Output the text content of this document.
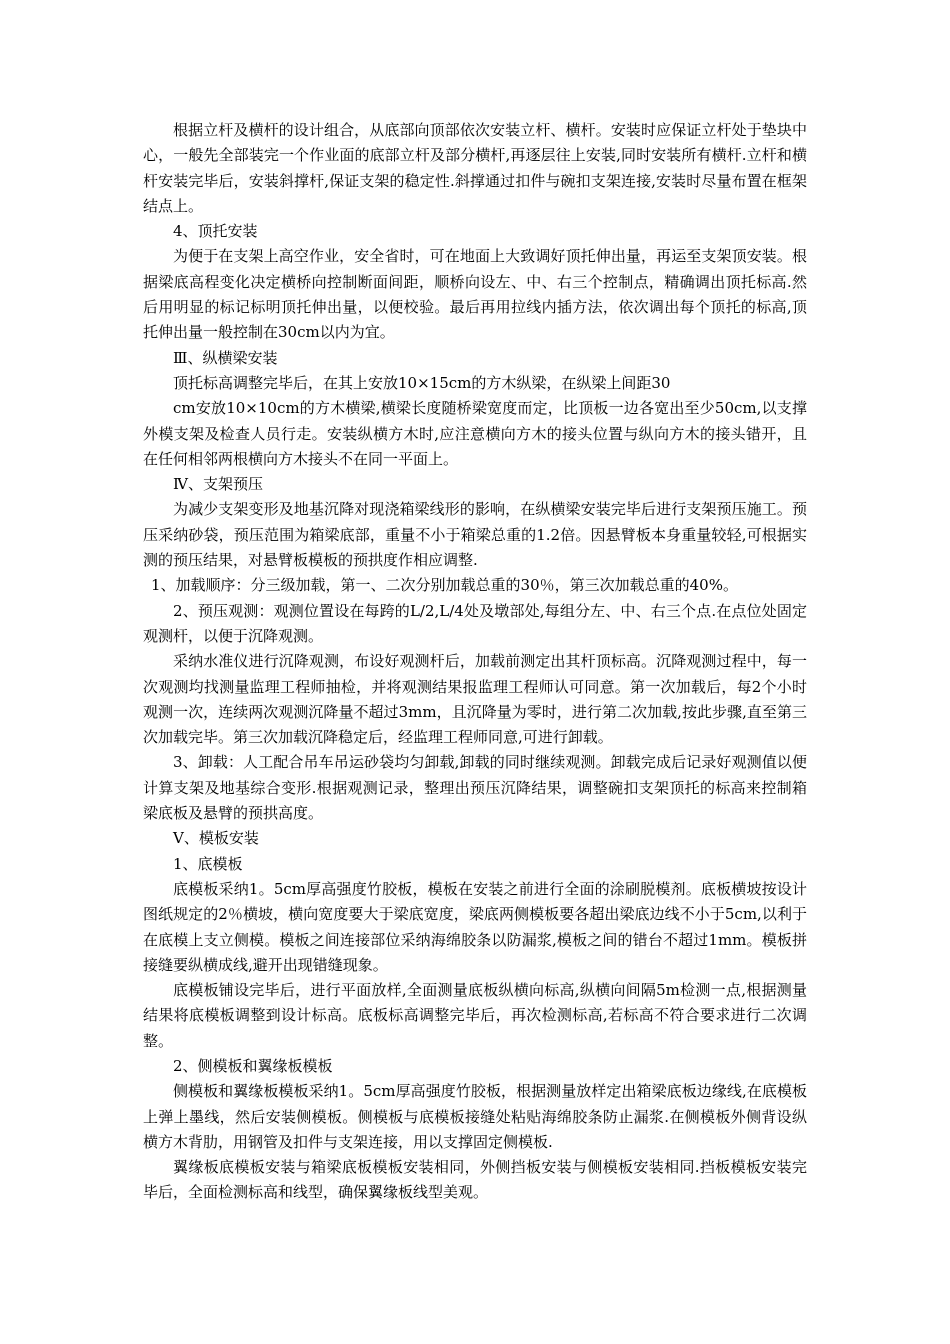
根据立杆及横杆的设计组合，从底部向顶部依次安装立杆、横杆。安装时应保证立杆处于垫块中心，一般先全部装完一个作业面的底部立杆及部分横杆,再逐层往上安装,同时安装所有横杆.立杆和横杆安装完毕后，安装斜撑杆,保证支架的稳定性.斜撑通过扣件与碗扣支架连接,安装时尽量布置在框架结点上。

4、顶托安装

为便于在支架上高空作业，安全省时，可在地面上大致调好顶托伸出量，再运至支架顶安装。根据梁底高程变化决定横桥向控制断面间距，顺桥向设左、中、右三个控制点，精确调出顶托标高.然后用明显的标记标明顶托伸出量，以便校验。最后再用拉线内插方法，依次调出每个顶托的标高,顶托伸出量一般控制在30cm以内为宜。

Ⅲ、纵横梁安装

顶托标高调整完毕后，在其上安放10×15cm的方木纵梁，在纵梁上间距30

cm安放10×10cm的方木横梁,横梁长度随桥梁宽度而定，比顶板一边各宽出至少50cm,以支撑外模支架及检查人员行走。安装纵横方木时,应注意横向方木的接头位置与纵向方木的接头错开，且在任何相邻两根横向方木接头不在同一平面上。

Ⅳ、支架预压

为减少支架变形及地基沉降对现浇箱梁线形的影响，在纵横梁安装完毕后进行支架预压施工。预压采纳砂袋，预压范围为箱梁底部，重量不小于箱梁总重的1.2倍。因悬臂板本身重量较轻,可根据实测的预压结果，对悬臂板模板的预拱度作相应调整.

1、加载顺序：分三级加载，第一、二次分别加载总重的30％，第三次加载总重的40%。

2、预压观测：观测位置设在每跨的L/2,L/4处及墩部处,每组分左、中、右三个点.在点位处固定观测杆，以便于沉降观测。

采纳水准仪进行沉降观测，布设好观测杆后，加载前测定出其杆顶标高。沉降观测过程中，每一次观测均找测量监理工程师抽检，并将观测结果报监理工程师认可同意。第一次加载后，每2个小时观测一次，连续两次观测沉降量不超过3mm，且沉降量为零时，进行第二次加载,按此步骤,直至第三次加载完毕。第三次加载沉降稳定后，经监理工程师同意,可进行卸载。

3、卸载：人工配合吊车吊运砂袋均匀卸载,卸载的同时继续观测。卸载完成后记录好观测值以便计算支架及地基综合变形.根据观测记录，整理出预压沉降结果，调整碗扣支架顶托的标高来控制箱梁底板及悬臂的预拱高度。

Ⅴ、模板安装

1、底模板

底模板采纳1。5cm厚高强度竹胶板，模板在安装之前进行全面的涂刷脱模剂。底板横坡按设计图纸规定的2％横坡，横向宽度要大于梁底宽度，梁底两侧模板要各超出梁底边线不小于5cm,以利于在底模上支立侧模。模板之间连接部位采纳海绵胶条以防漏浆,模板之间的错台不超过1mm。模板拼接缝要纵横成线,避开出现错缝现象。

底模板铺设完毕后，进行平面放样,全面测量底板纵横向标高,纵横向间隔5m检测一点,根据测量结果将底模板调整到设计标高。底板标高调整完毕后，再次检测标高,若标高不符合要求进行二次调整。

2、侧模板和翼缘板模板

侧模板和翼缘板模板采纳1。5cm厚高强度竹胶板，根据测量放样定出箱梁底板边缘线,在底模板上弹上墨线，然后安装侧模板。侧模板与底模板接缝处粘贴海绵胶条防止漏浆.在侧模板外侧背设纵横方木背肋，用钢管及扣件与支架连接，用以支撑固定侧模板.

翼缘板底模板安装与箱梁底板模板安装相同，外侧挡板安装与侧模板安装相同.挡板模板安装完毕后，全面检测标高和线型，确保翼缘板线型美观。
